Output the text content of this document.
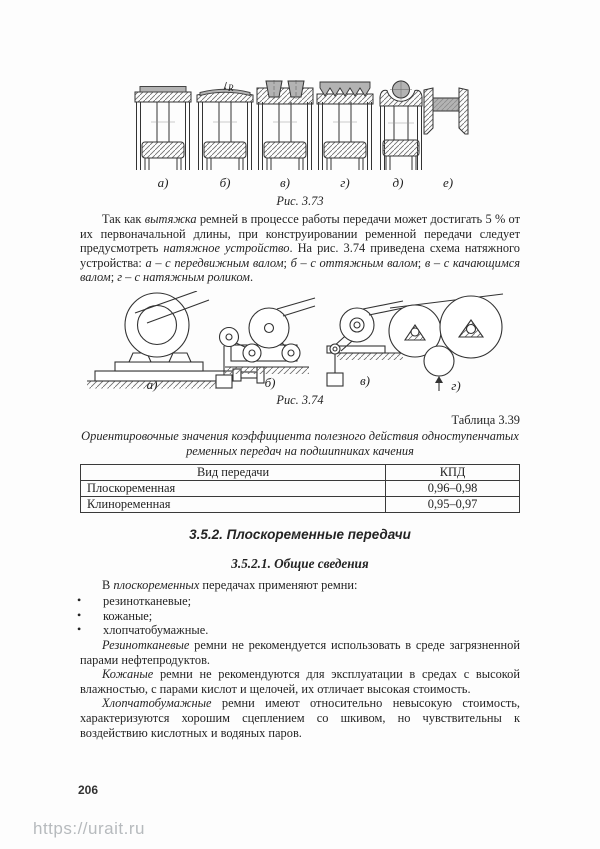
R
а)	б)	в)	г)	д)	е)

Рис. 3.73

Так как вытяжка ремней в процессе работы передачи может достигать 5 % от их первоначальной длины, при конструировании ременной передачи следует предусмотреть натяжное устройство. На рис. 3.74 приведена схема натяжного устройства: а – с передвижным валом; б – с оттяжным валом; в – с качающимся валом; г – с натяжным роликом.

а)	б)	в)	г)

Рис. 3.74

Таблица 3.39

Ориентировочные значения коэффициента полезного действия одноступенчатых ременных передач на подшипниках качения

Вид передачи	КПД
Плоскоременная	0,96–0,98
Клиноременная	0,95–0,97
3.5.2. Плоскоременные передачи
3.5.2.1. Общие сведения

В плоскоременных передачах применяют ремни:

• резинотканевые;
• кожаные;
• хлопчатобумажные.

Резинотканевые ремни не рекомендуется использовать в среде загрязненной парами нефтепродуктов.

Кожаные ремни не рекомендуются для эксплуатации в средах с высокой влажностью, с парами кислот и щелочей, их отличает высокая стоимость.

Хлопчатобумажные ремни имеют относительно невысокую стоимость, характеризуются хорошим сцеплением со шкивом, но чувствительны к воздействию кислотных и водяных паров.

206
https://urait.ru
